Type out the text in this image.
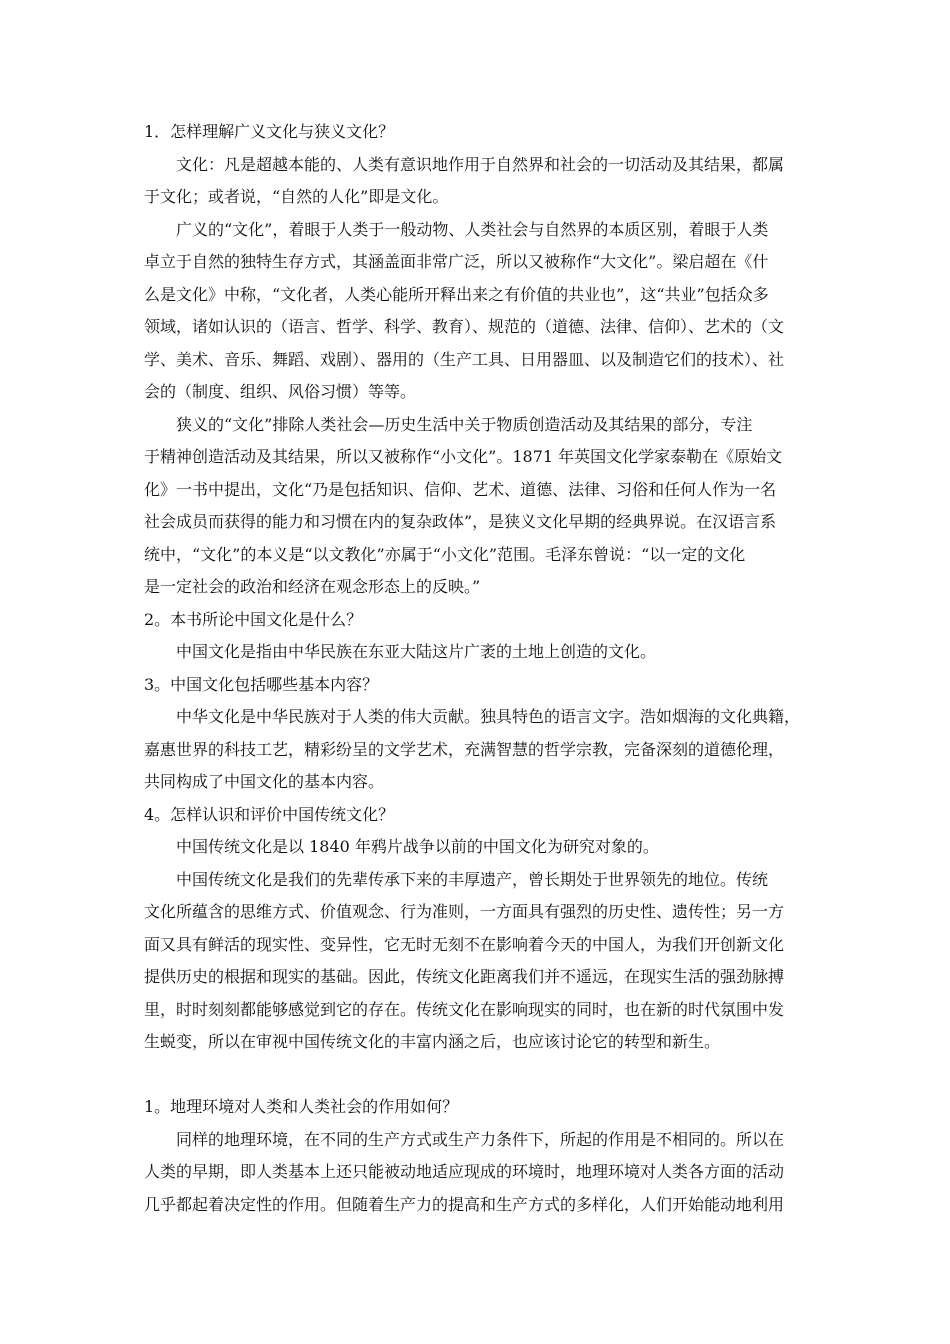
1．怎样理解广义文化与狭义文化？

文化：凡是超越本能的、人类有意识地作用于自然界和社会的一切活动及其结果，都属

于文化；或者说，“自然的人化”即是文化。

广义的“文化”，着眼于人类于一般动物、人类社会与自然界的本质区别，着眼于人类

卓立于自然的独特生存方式，其涵盖面非常广泛，所以又被称作“大文化”。梁启超在《什

么是文化》中称，“文化者，人类心能所开释出来之有价值的共业也”，这“共业”包括众多

领域，诸如认识的（语言、哲学、科学、教育）、规范的（道德、法律、信仰）、艺术的（文

学、美术、音乐、舞蹈、戏剧）、器用的（生产工具、日用器皿、以及制造它们的技术）、社

会的（制度、组织、风俗习惯）等等。

狭义的“文化”排除人类社会—历史生活中关于物质创造活动及其结果的部分，专注

于精神创造活动及其结果，所以又被称作“小文化”。1871 年英国文化学家泰勒在《原始文

化》一书中提出，文化“乃是包括知识、信仰、艺术、道德、法律、习俗和任何人作为一名

社会成员而获得的能力和习惯在内的复杂政体”，是狭义文化早期的经典界说。在汉语言系

统中，“文化”的本义是“以文教化”亦属于“小文化”范围。毛泽东曾说：“以一定的文化

是一定社会的政治和经济在观念形态上的反映。”

2。本书所论中国文化是什么？

中国文化是指由中华民族在东亚大陆这片广袤的土地上创造的文化。

3。中国文化包括哪些基本内容？

中华文化是中华民族对于人类的伟大贡献。独具特色的语言文字。浩如烟海的文化典籍，

嘉惠世界的科技工艺，精彩纷呈的文学艺术，充满智慧的哲学宗教，完备深刻的道德伦理，

共同构成了中国文化的基本内容。

4。怎样认识和评价中国传统文化？

中国传统文化是以 1840 年鸦片战争以前的中国文化为研究对象的。

中国传统文化是我们的先辈传承下来的丰厚遗产，曾长期处于世界领先的地位。传统

文化所蕴含的思维方式、价值观念、行为准则，一方面具有强烈的历史性、遗传性；另一方

面又具有鲜活的现实性、变异性，它无时无刻不在影响着今天的中国人，为我们开创新文化

提供历史的根据和现实的基础。因此，传统文化距离我们并不遥远，在现实生活的强劲脉搏

里，时时刻刻都能够感觉到它的存在。传统文化在影响现实的同时，也在新的时代氛围中发

生蜕变，所以在审视中国传统文化的丰富内涵之后，也应该讨论它的转型和新生。

1。地理环境对人类和人类社会的作用如何？

同样的地理环境，在不同的生产方式或生产力条件下，所起的作用是不相同的。所以在

人类的早期，即人类基本上还只能被动地适应现成的环境时，地理环境对人类各方面的活动

几乎都起着决定性的作用。但随着生产力的提高和生产方式的多样化，人们开始能动地利用
